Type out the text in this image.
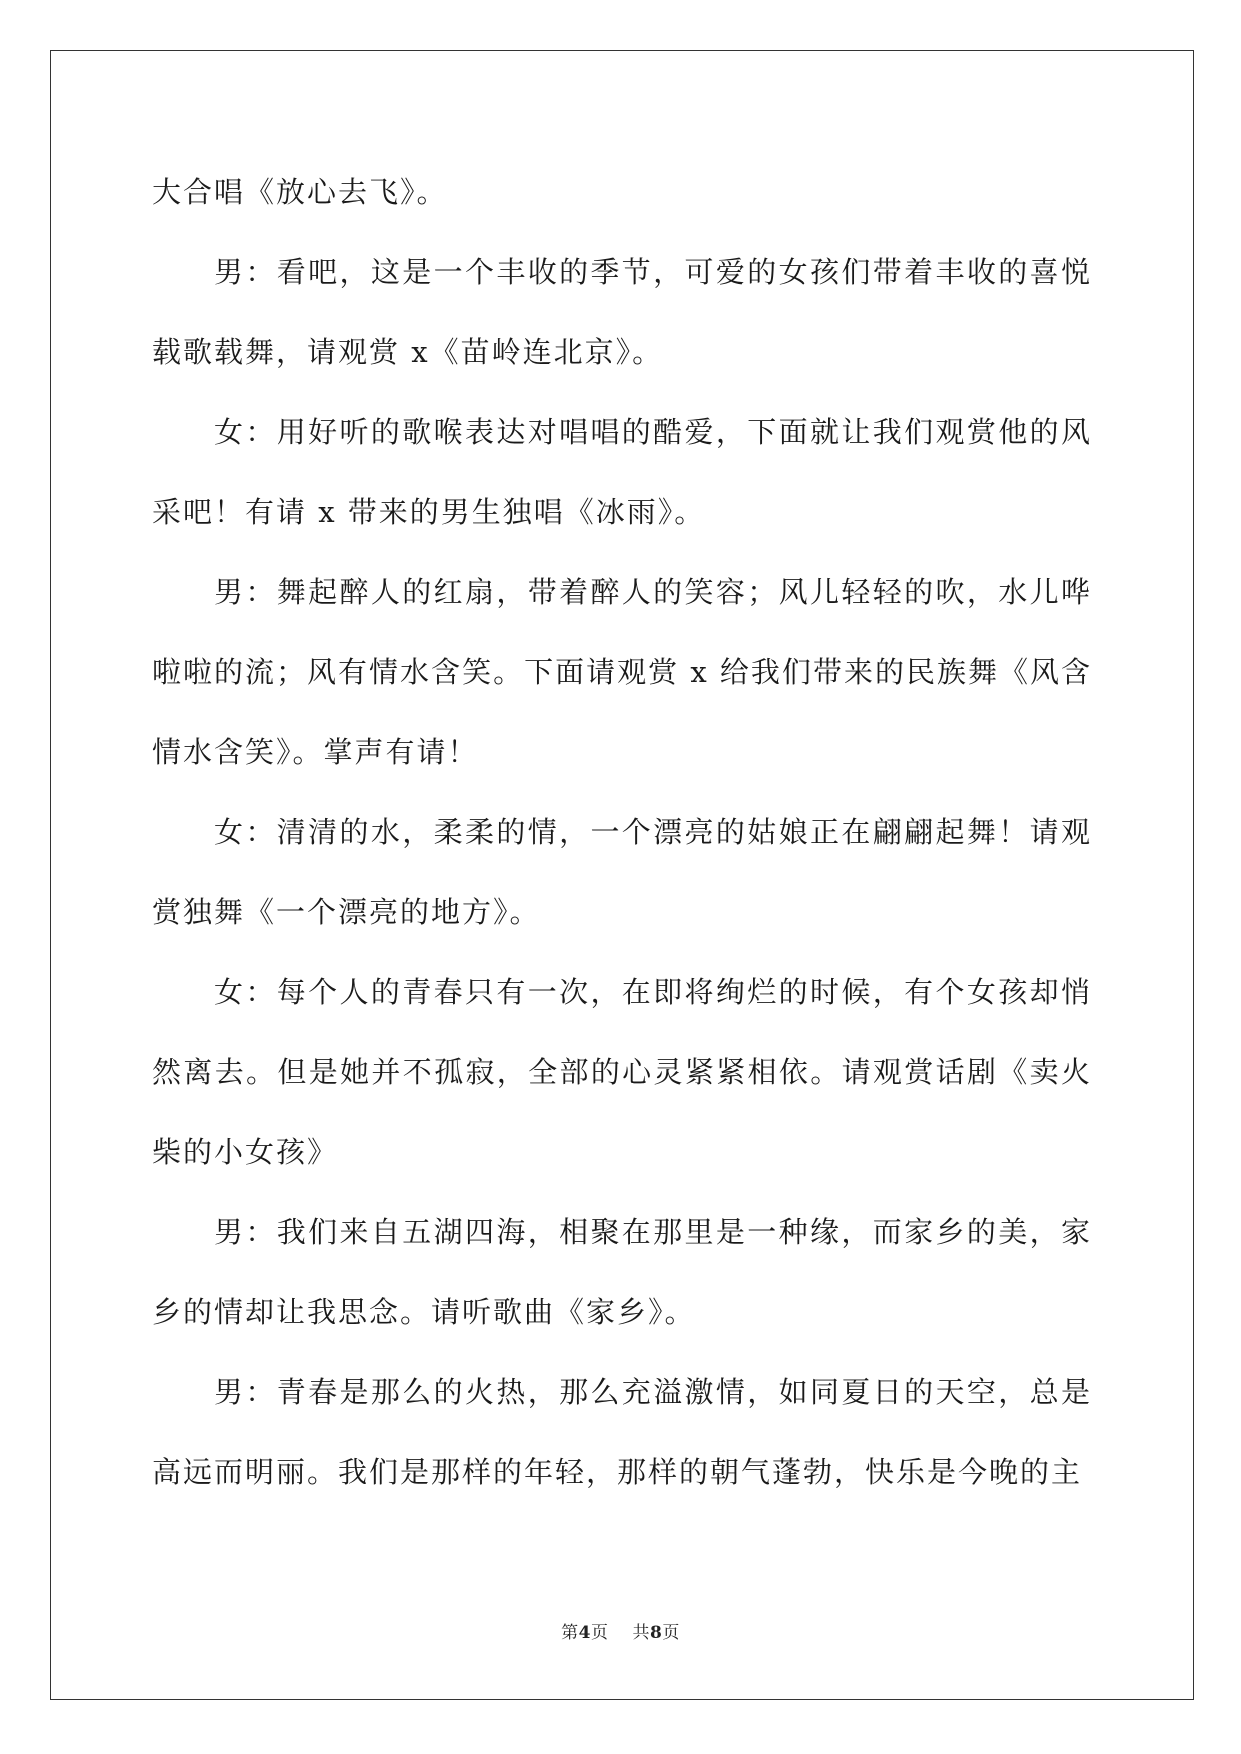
大合唱《放心去飞》。

男：看吧，这是一个丰收的季节，可爱的女孩们带着丰收的喜悦载歌载舞，请观赏 x《苗岭连北京》。

女：用好听的歌喉表达对唱唱的酷爱，下面就让我们观赏他的风采吧！有请 x 带来的男生独唱《冰雨》。

男：舞起醉人的红扇，带着醉人的笑容；风儿轻轻的吹，水儿哗啦啦的流；风有情水含笑。下面请观赏 x 给我们带来的民族舞《风含情水含笑》。掌声有请！

女：清清的水，柔柔的情，一个漂亮的姑娘正在翩翩起舞！请观赏独舞《一个漂亮的地方》。

女：每个人的青春只有一次，在即将绚烂的时候，有个女孩却悄然离去。但是她并不孤寂，全部的心灵紧紧相依。请观赏话剧《卖火柴的小女孩》

男：我们来自五湖四海，相聚在那里是一种缘，而家乡的美，家乡的情却让我思念。请听歌曲《家乡》。

男：青春是那么的火热，那么充溢激情，如同夏日的天空，总是高远而明丽。我们是那样的年轻，那样的朝气蓬勃，快乐是今晚的主

第4页 共8页
